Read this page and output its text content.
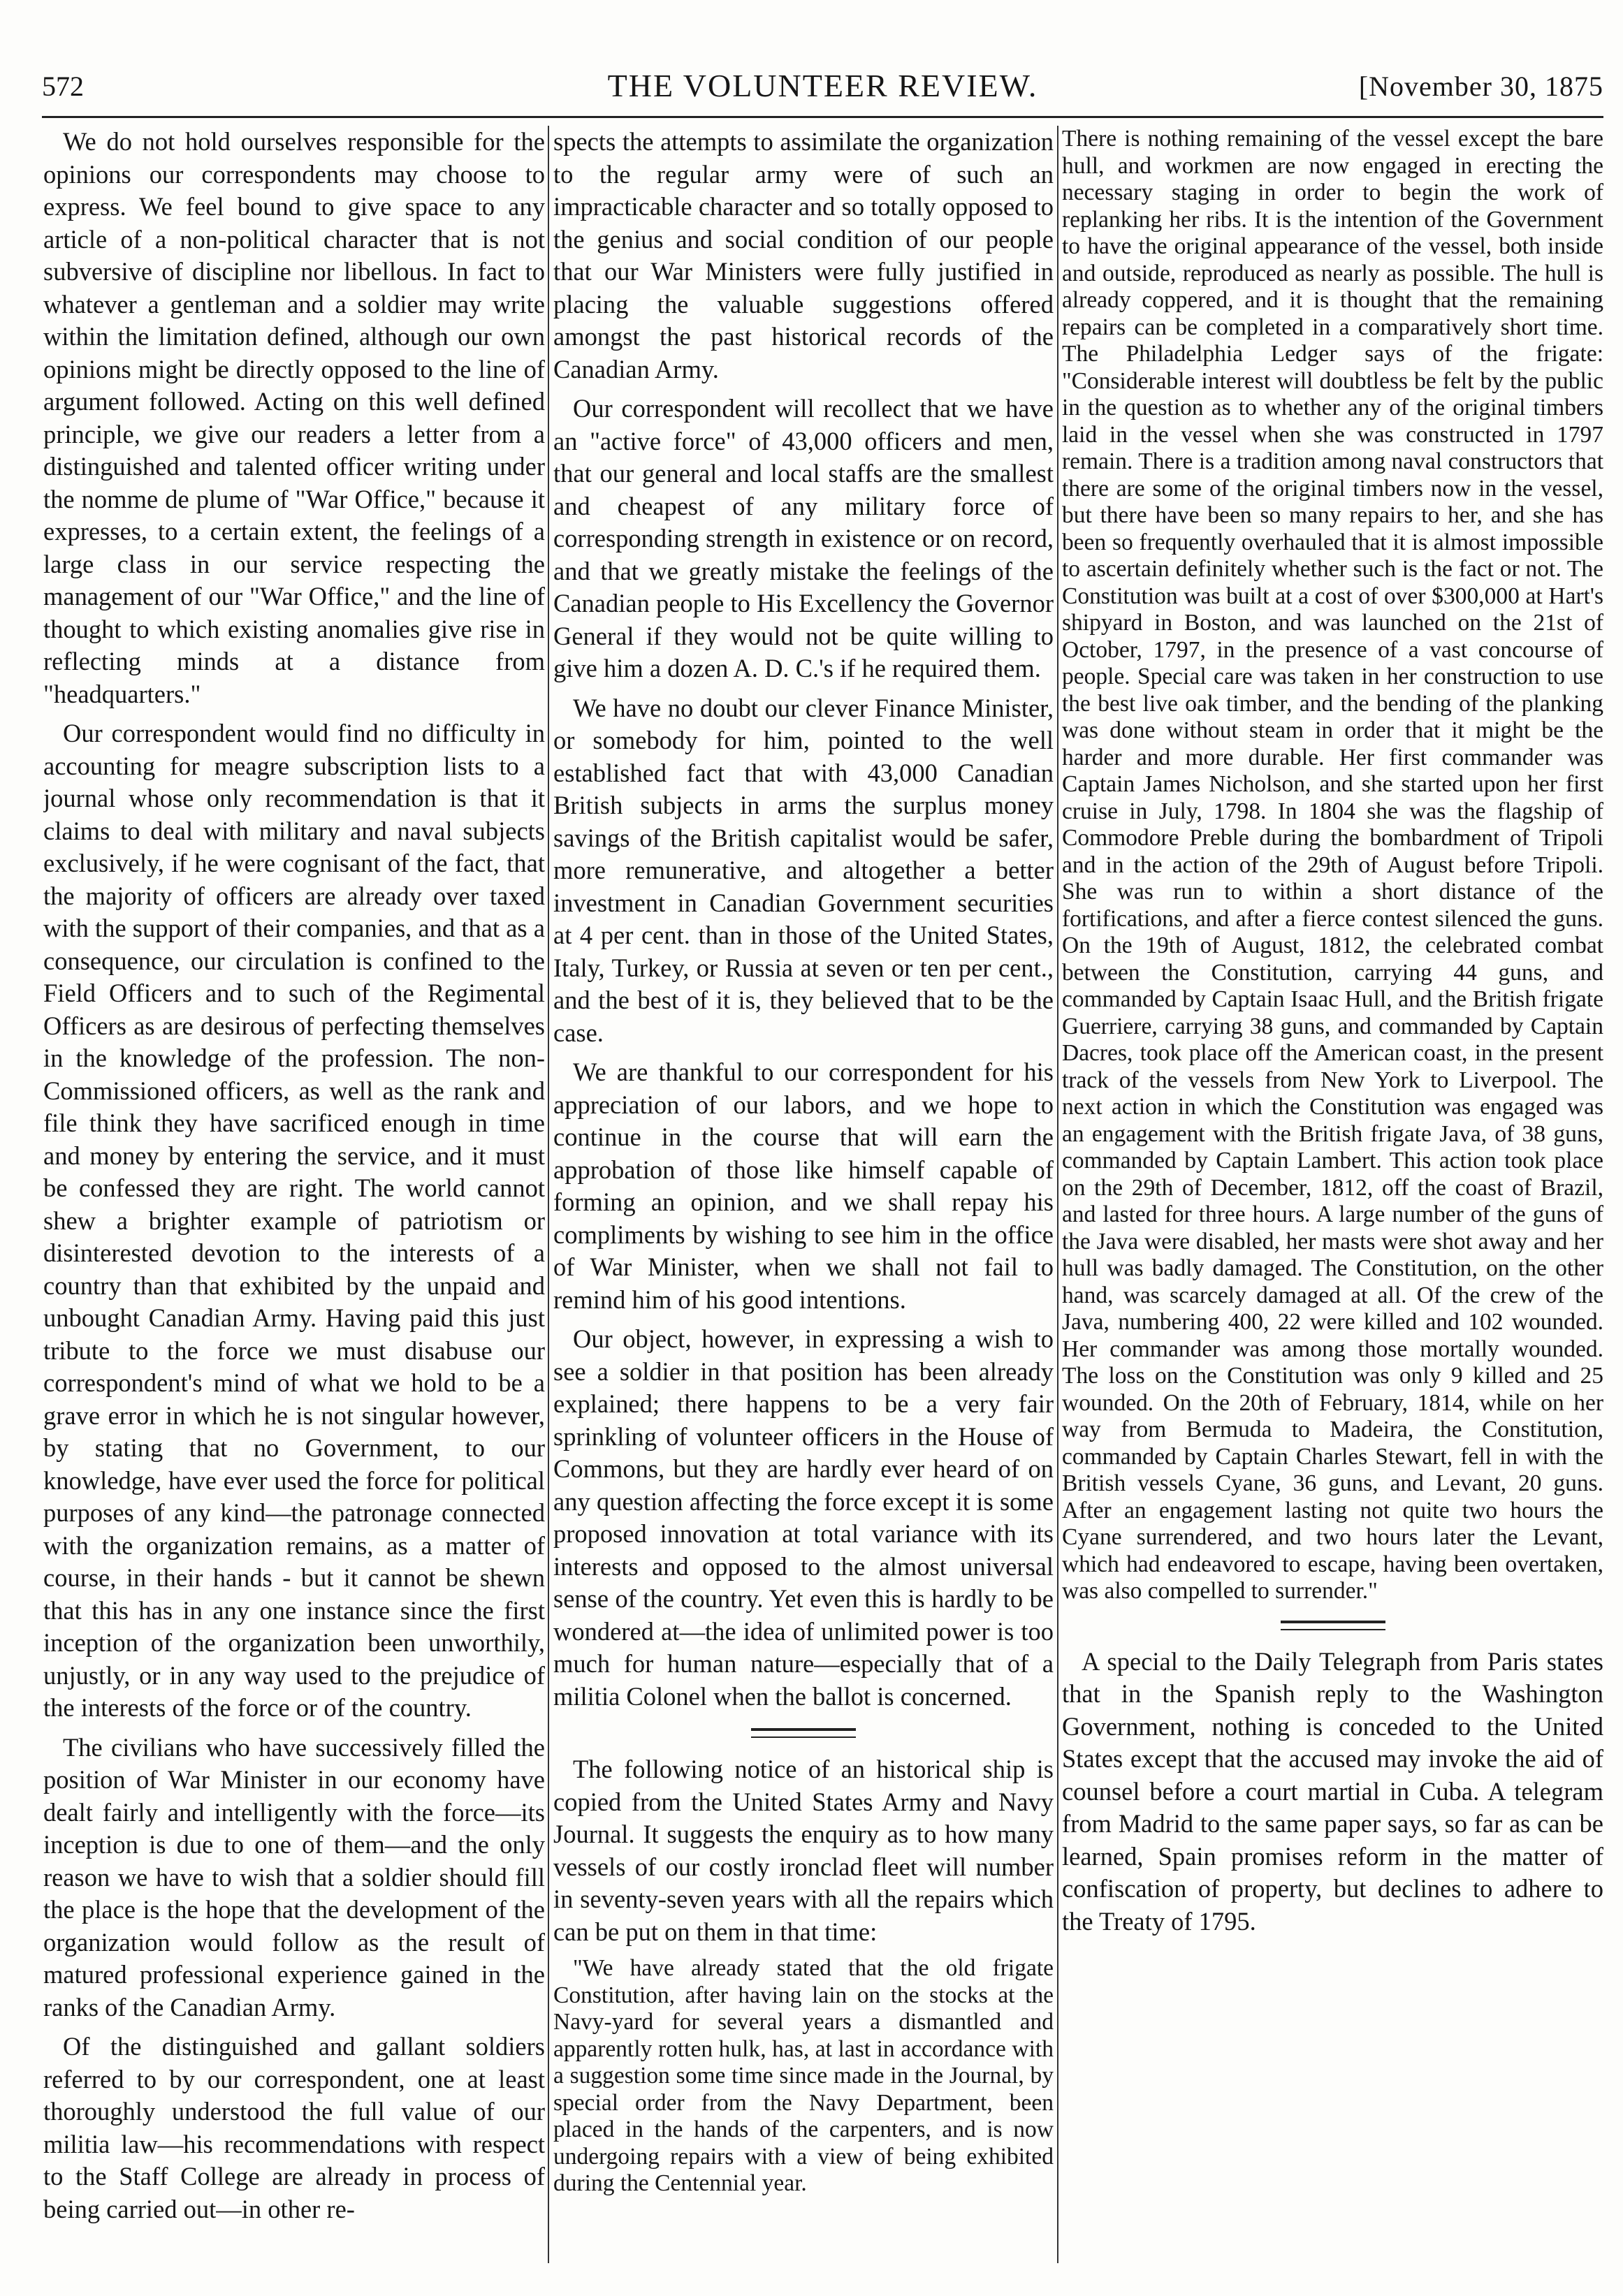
572	THE VOLUNTEER REVIEW.	[November 30, 1875

We do not hold ourselves responsible for the opinions our correspondents may choose to express. We feel bound to give space to any article of a non-political character that is not subversive of discipline nor libellous. In fact to whatever a gentleman and a soldier may write within the limitation defined, although our own opinions might be directly opposed to the line of argument followed. Acting on this well defined principle, we give our readers a letter from a distinguished and talented officer writing under the nomme de plume of "War Office," because it expresses, to a certain extent, the feelings of a large class in our service respecting the management of our "War Office," and the line of thought to which existing anomalies give rise in reflecting minds at a distance from "headquarters."

Our correspondent would find no difficulty in accounting for meagre subscription lists to a journal whose only recommendation is that it claims to deal with military and naval subjects exclusively, if he were cognisant of the fact, that the majority of officers are already over taxed with the support of their companies, and that as a consequence, our circulation is confined to the Field Officers and to such of the Regimental Officers as are desirous of perfecting themselves in the knowledge of the profession. The non-Commissioned officers, as well as the rank and file think they have sacrificed enough in time and money by entering the service, and it must be confessed they are right. The world cannot shew a brighter example of patriotism or disinterested devotion to the interests of a country than that exhibited by the unpaid and unbought Canadian Army. Having paid this just tribute to the force we must disabuse our correspondent's mind of what we hold to be a grave error in which he is not singular however, by stating that no Government, to our knowledge, have ever used the force for political purposes of any kind—the patronage connected with the organization remains, as a matter of course, in their hands - but it cannot be shewn that this has in any one instance since the first inception of the organization been unworthily, unjustly, or in any way used to the prejudice of the interests of the force or of the country.

The civilians who have successively filled the position of War Minister in our economy have dealt fairly and intelligently with the force—its inception is due to one of them—and the only reason we have to wish that a soldier should fill the place is the hope that the development of the organization would follow as the result of matured professional experience gained in the ranks of the Canadian Army.

Of the distinguished and gallant soldiers referred to by our correspondent, one at least thoroughly understood the full value of our militia law—his recommendations with respect to the Staff College are already in process of being carried out—in other re-

spects the attempts to assimilate the organization to the regular army were of such an impracticable character and so totally opposed to the genius and social condition of our people that our War Ministers were fully justified in placing the valuable suggestions offered amongst the past historical records of the Canadian Army.

Our correspondent will recollect that we have an "active force" of 43,000 officers and men, that our general and local staffs are the smallest and cheapest of any military force of corresponding strength in existence or on record, and that we greatly mistake the feelings of the Canadian people to His Excellency the Governor General if they would not be quite willing to give him a dozen A. D. C.'s if he required them.

We have no doubt our clever Finance Minister, or somebody for him, pointed to the well established fact that with 43,000 Canadian British subjects in arms the surplus money savings of the British capitalist would be safer, more remunerative, and altogether a better investment in Canadian Government securities at 4 per cent. than in those of the United States, Italy, Turkey, or Russia at seven or ten per cent., and the best of it is, they believed that to be the case.

We are thankful to our correspondent for his appreciation of our labors, and we hope to continue in the course that will earn the approbation of those like himself capable of forming an opinion, and we shall repay his compliments by wishing to see him in the office of War Minister, when we shall not fail to remind him of his good intentions.

Our object, however, in expressing a wish to see a soldier in that position has been already explained; there happens to be a very fair sprinkling of volunteer officers in the House of Commons, but they are hardly ever heard of on any question affecting the force except it is some proposed innovation at total variance with its interests and opposed to the almost universal sense of the country. Yet even this is hardly to be wondered at—the idea of unlimited power is too much for human nature—especially that of a militia Colonel when the ballot is concerned.

The following notice of an historical ship is copied from the United States Army and Navy Journal. It suggests the enquiry as to how many vessels of our costly ironclad fleet will number in seventy-seven years with all the repairs which can be put on them in that time:

"We have already stated that the old frigate Constitution, after having lain on the stocks at the Navy-yard for several years a dismantled and apparently rotten hulk, has, at last in accordance with a suggestion some time since made in the Journal, by special order from the Navy Department, been placed in the hands of the carpenters, and is now undergoing repairs with a view of being exhibited during the Centennial year.

There is nothing remaining of the vessel except the bare hull, and workmen are now engaged in erecting the necessary staging in order to begin the work of replanking her ribs. It is the intention of the Government to have the original appearance of the vessel, both inside and outside, reproduced as nearly as possible. The hull is already coppered, and it is thought that the remaining repairs can be completed in a comparatively short time. The Philadelphia Ledger says of the frigate: "Considerable interest will doubtless be felt by the public in the question as to whether any of the original timbers laid in the vessel when she was constructed in 1797 remain. There is a tradition among naval constructors that there are some of the original timbers now in the vessel, but there have been so many repairs to her, and she has been so frequently overhauled that it is almost impossible to ascertain definitely whether such is the fact or not. The Constitution was built at a cost of over $300,000 at Hart's shipyard in Boston, and was launched on the 21st of October, 1797, in the presence of a vast concourse of people. Special care was taken in her construction to use the best live oak timber, and the bending of the planking was done without steam in order that it might be the harder and more durable. Her first commander was Captain James Nicholson, and she started upon her first cruise in July, 1798. In 1804 she was the flagship of Commodore Preble during the bombardment of Tripoli and in the action of the 29th of August before Tripoli. She was run to within a short distance of the fortifications, and after a fierce contest silenced the guns. On the 19th of August, 1812, the celebrated combat between the Constitution, carrying 44 guns, and commanded by Captain Isaac Hull, and the British frigate Guerriere, carrying 38 guns, and commanded by Captain Dacres, took place off the American coast, in the present track of the vessels from New York to Liverpool. The next action in which the Constitution was engaged was an engagement with the British frigate Java, of 38 guns, commanded by Captain Lambert. This action took place on the 29th of December, 1812, off the coast of Brazil, and lasted for three hours. A large number of the guns of the Java were disabled, her masts were shot away and her hull was badly damaged. The Constitution, on the other hand, was scarcely damaged at all. Of the crew of the Java, numbering 400, 22 were killed and 102 wounded. Her commander was among those mortally wounded. The loss on the Constitution was only 9 killed and 25 wounded. On the 20th of February, 1814, while on her way from Bermuda to Madeira, the Constitution, commanded by Captain Charles Stewart, fell in with the British vessels Cyane, 36 guns, and Levant, 20 guns. After an engagement lasting not quite two hours the Cyane surrendered, and two hours later the Levant, which had endeavored to escape, having been overtaken, was also compelled to surrender."

A special to the Daily Telegraph from Paris states that in the Spanish reply to the Washington Government, nothing is conceded to the United States except that the accused may invoke the aid of counsel before a court martial in Cuba. A telegram from Madrid to the same paper says, so far as can be learned, Spain promises reform in the matter of confiscation of property, but declines to adhere to the Treaty of 1795.
